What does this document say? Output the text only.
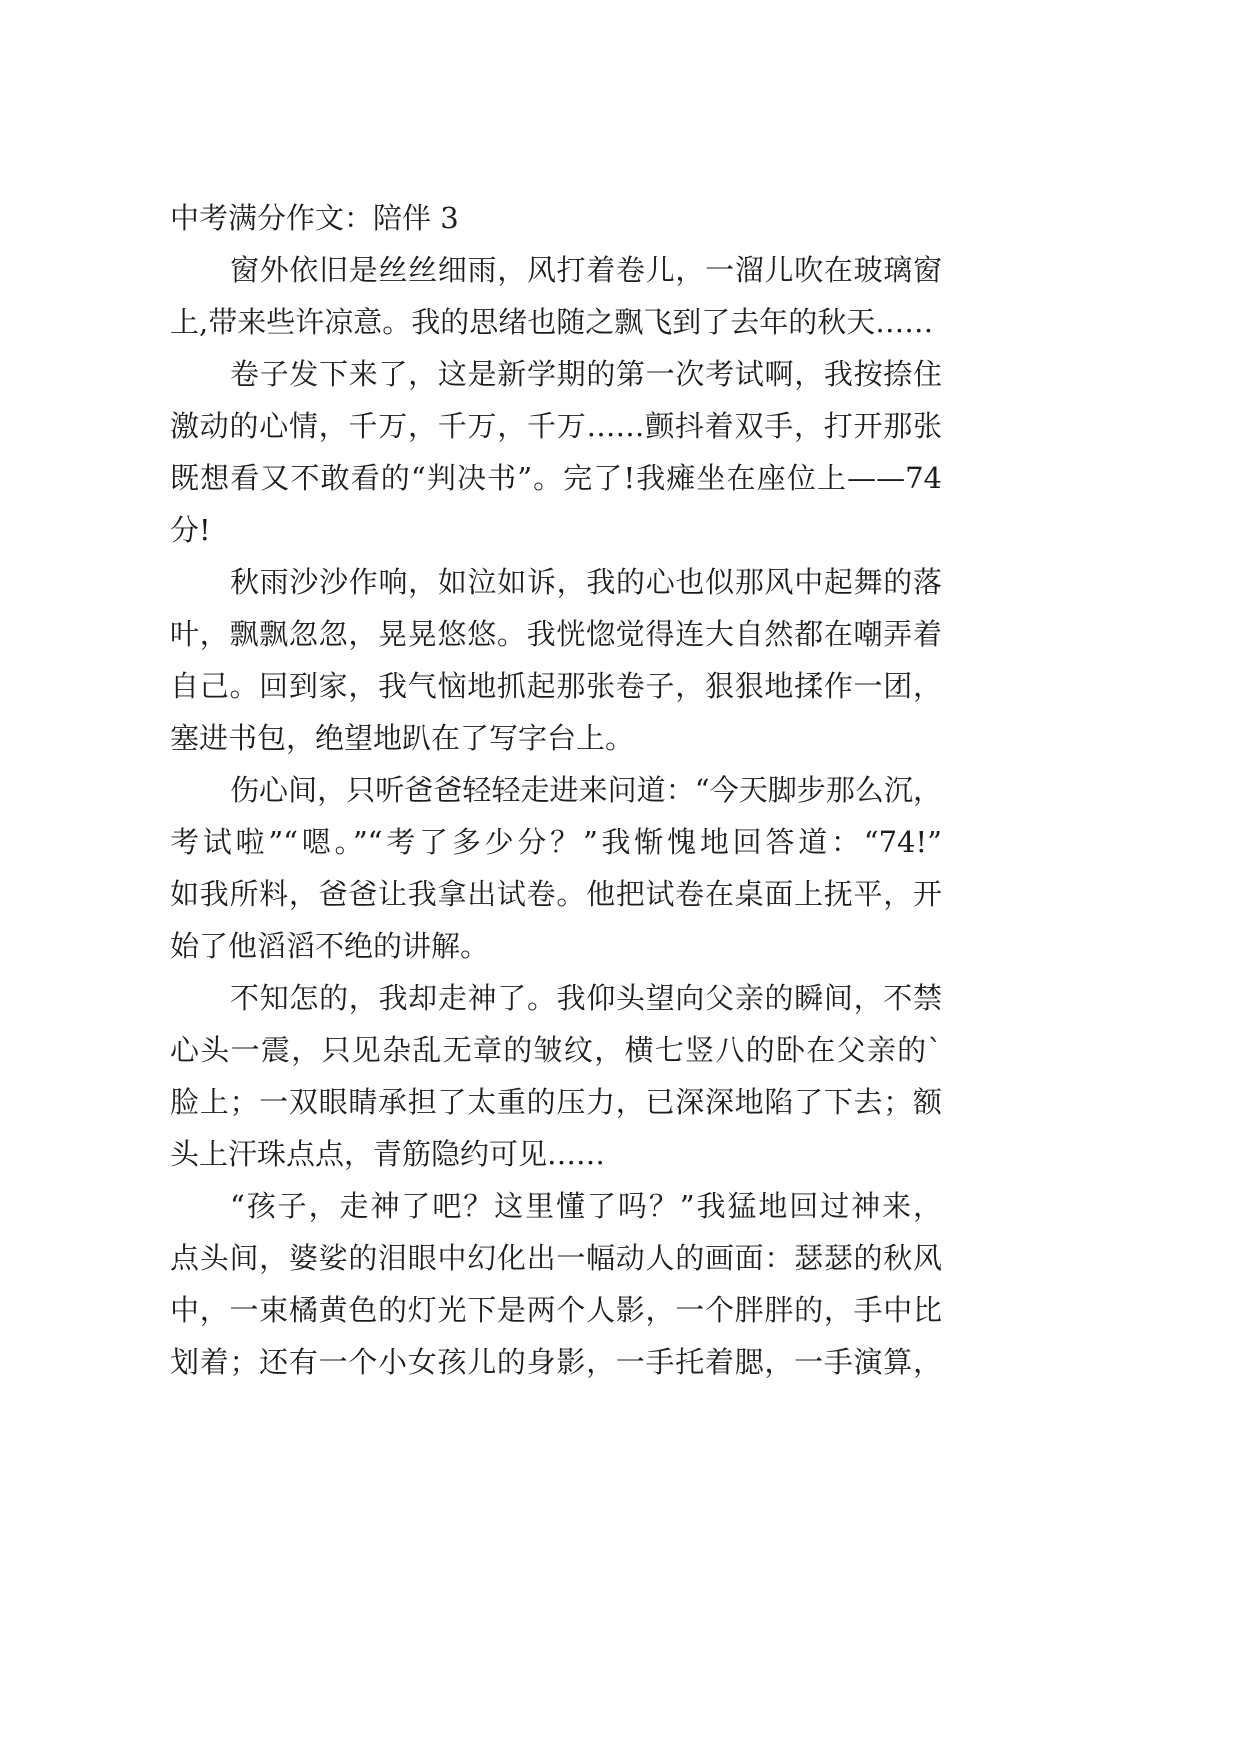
中考满分作文：陪伴 3
窗外依旧是丝丝细雨，风打着卷儿，一溜儿吹在玻璃窗
上,带来些许凉意。我的思绪也随之飘飞到了去年的秋天……
卷子发下来了，这是新学期的第一次考试啊，我按捺住
激动的心情，千万，千万，千万……颤抖着双手，打开那张
既想看又不敢看的“判决书”。完了!我瘫坐在座位上——74
分!
秋雨沙沙作响，如泣如诉，我的心也似那风中起舞的落
叶，飘飘忽忽，晃晃悠悠。我恍惚觉得连大自然都在嘲弄着
自己。回到家，我气恼地抓起那张卷子，狠狠地揉作一团，
塞进书包，绝望地趴在了写字台上。
伤心间，只听爸爸轻轻走进来问道：“今天脚步那么沉，
考试啦”“嗯。”“考了多少分？”我惭愧地回答道：“74!”
如我所料，爸爸让我拿出试卷。他把试卷在桌面上抚平，开
始了他滔滔不绝的讲解。
不知怎的，我却走神了。我仰头望向父亲的瞬间，不禁
心头一震，只见杂乱无章的皱纹，横七竖八的卧在父亲的`
脸上；一双眼睛承担了太重的压力，已深深地陷了下去；额
头上汗珠点点，青筋隐约可见……
“孩子，走神了吧？这里懂了吗？”我猛地回过神来，
点头间，婆娑的泪眼中幻化出一幅动人的画面：瑟瑟的秋风
中，一束橘黄色的灯光下是两个人影，一个胖胖的，手中比
划着；还有一个小女孩儿的身影，一手托着腮，一手演算，
